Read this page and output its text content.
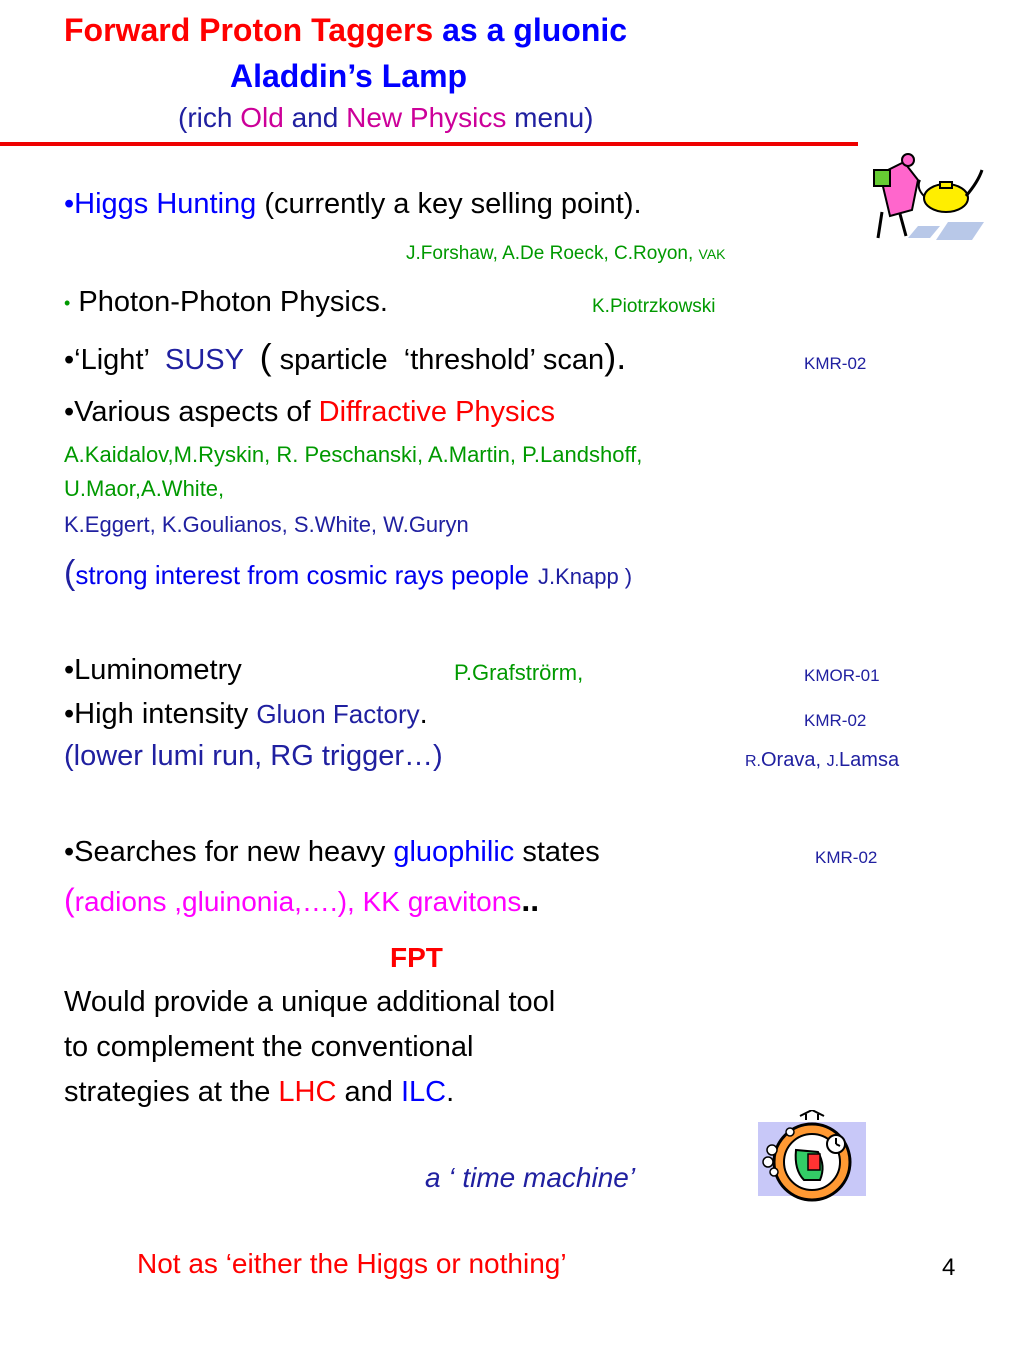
Forward Proton Taggers as a gluonic
Aladdin’s Lamp
(rich Old and New Physics menu)
•Higgs Hunting (currently a key selling point).
J.Forshaw, A.De Roeck, C.Royon, VAK
• Photon-Photon Physics.	K.Piotrzkowski
•‘Light’ SUSY ( sparticle ‘threshold’ scan).	KMR-02
•Various aspects of Diffractive Physics
A.Kaidalov,M.Ryskin, R. Peschanski, A.Martin, P.Landshoff,
U.Maor,A.White,
K.Eggert, K.Goulianos, S.White, W.Guryn
(strong interest from cosmic rays people J.Knapp )
•Luminometry	P.Grafströrm,	KMOR-01
•High intensity Gluon Factory.	KMR-02
(lower lumi run, RG trigger…)	R.Orava, J.Lamsa
•Searches for new heavy gluophilic states	KMR-02
(radions ,gluinonia,….), KK gravitons..
FPT
Would provide a unique additional tool
to complement the conventional
strategies at the LHC and ILC.
a ‘ time machine’
Not as ‘either the Higgs or nothing’	4
